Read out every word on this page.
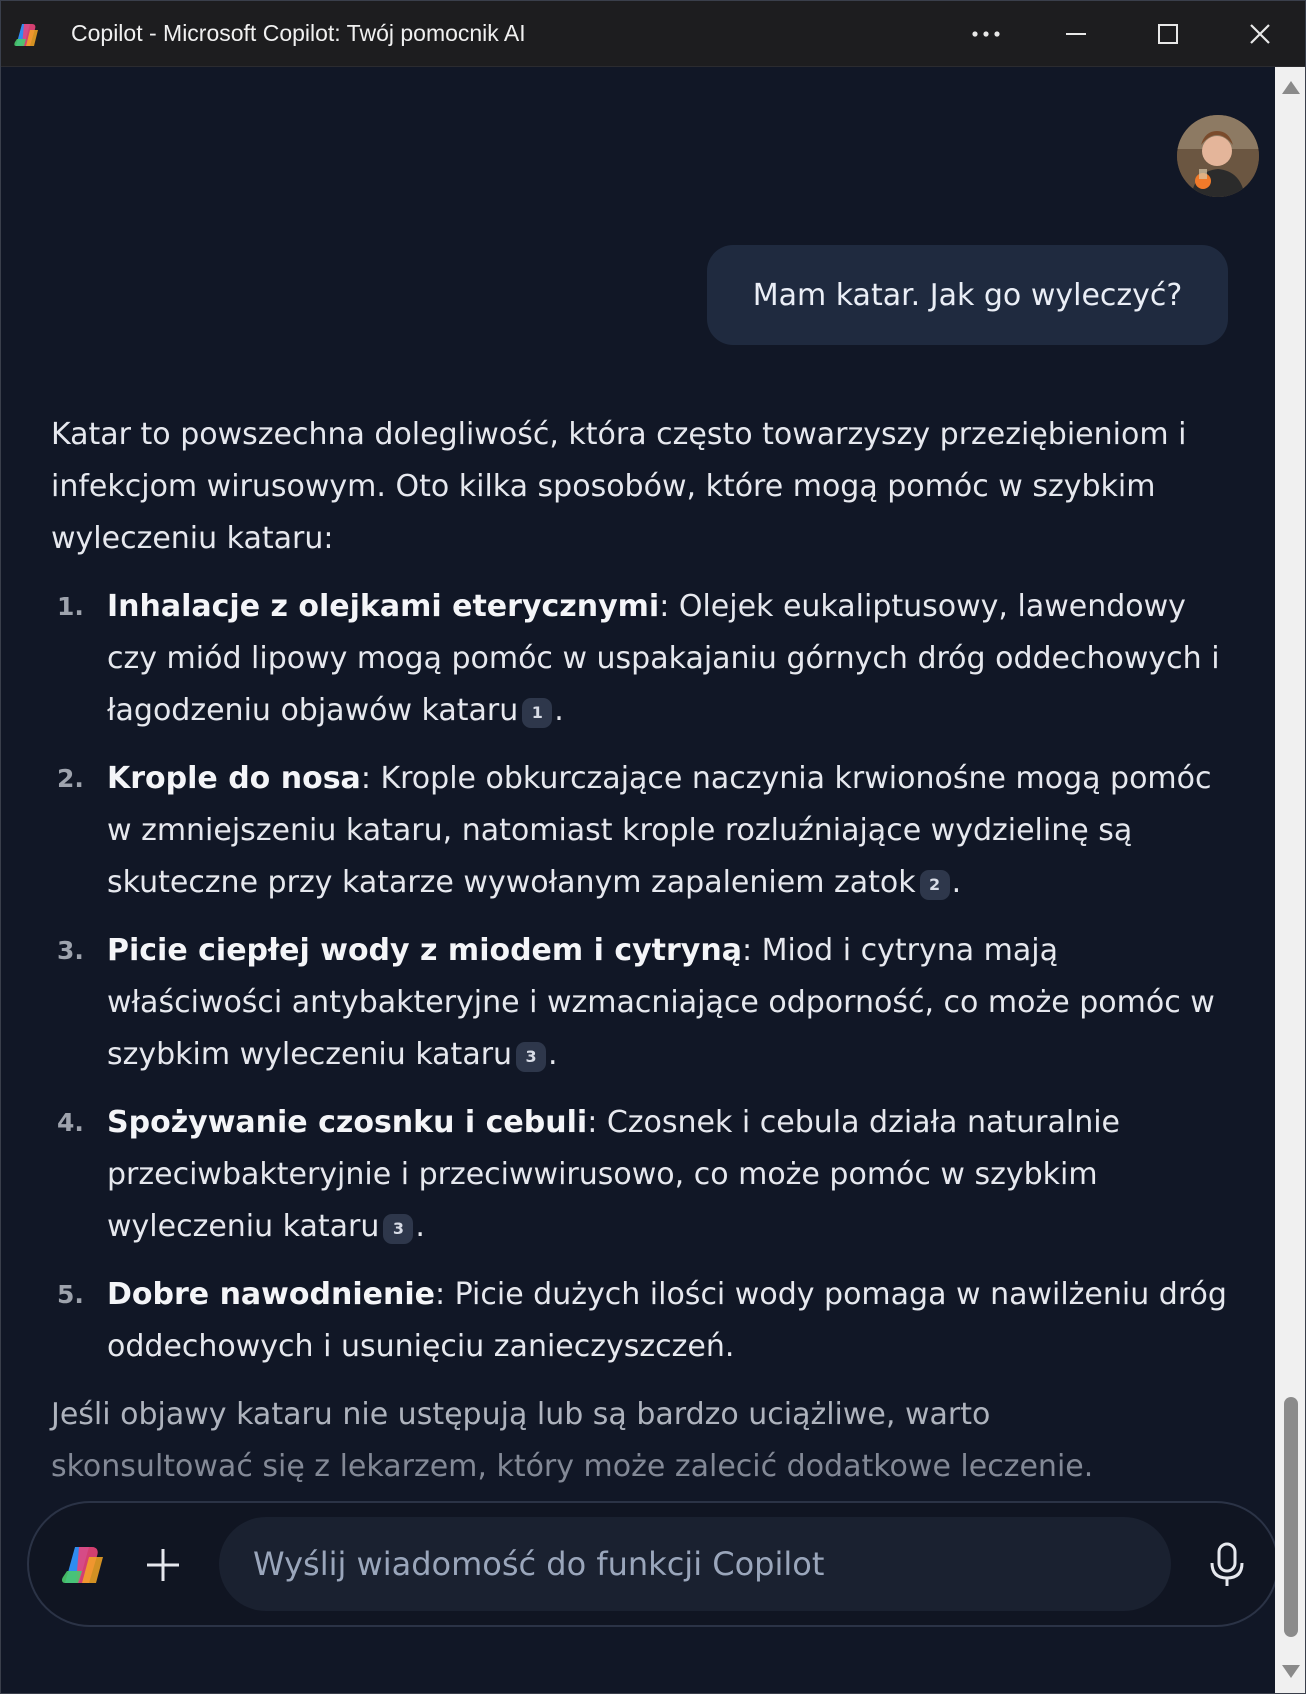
Copilot - Microsoft Copilot: Twój pomocnik AI
Mam katar. Jak go wyleczyć?

Katar to powszechna dolegliwość, która często towarzyszy przeziębieniom i infekcjom wirusowym. Oto kilka sposobów, które mogą pomóc w szybkim wyleczeniu kataru:

1. Inhalacje z olejkami eterycznymi: Olejek eukaliptusowy, lawendowy czy miód lipowy mogą pomóc w uspakajaniu górnych dróg oddechowych i łagodzeniu objawów kataru 1 .
2. Krople do nosa: Krople obkurczające naczynia krwionośne mogą pomóc w zmniejszeniu kataru, natomiast krople rozluźniające wydzielinę są skuteczne przy katarze wywołanym zapaleniem zatok 2 .
3. Picie ciepłej wody z miodem i cytryną: Miod i cytryna mają właściwości antybakteryjne i wzmacniające odporność, co może pomóc w szybkim wyleczeniu kataru 3 .
4. Spożywanie czosnku i cebuli: Czosnek i cebula działa naturalnie przeciwbakteryjnie i przeciwwirusowo, co może pomóc w szybkim wyleczeniu kataru 3 .
5. Dobre nawodnienie: Picie dużych ilości wody pomaga w nawilżeniu dróg oddechowych i usunięciu zanieczyszczeń.

Jeśli objawy kataru nie ustępują lub są bardzo uciążliwe, warto
skonsultować się z lekarzem, który może zalecić dodatkowe leczenie.

Wyślij wiadomość do funkcji Copilot
